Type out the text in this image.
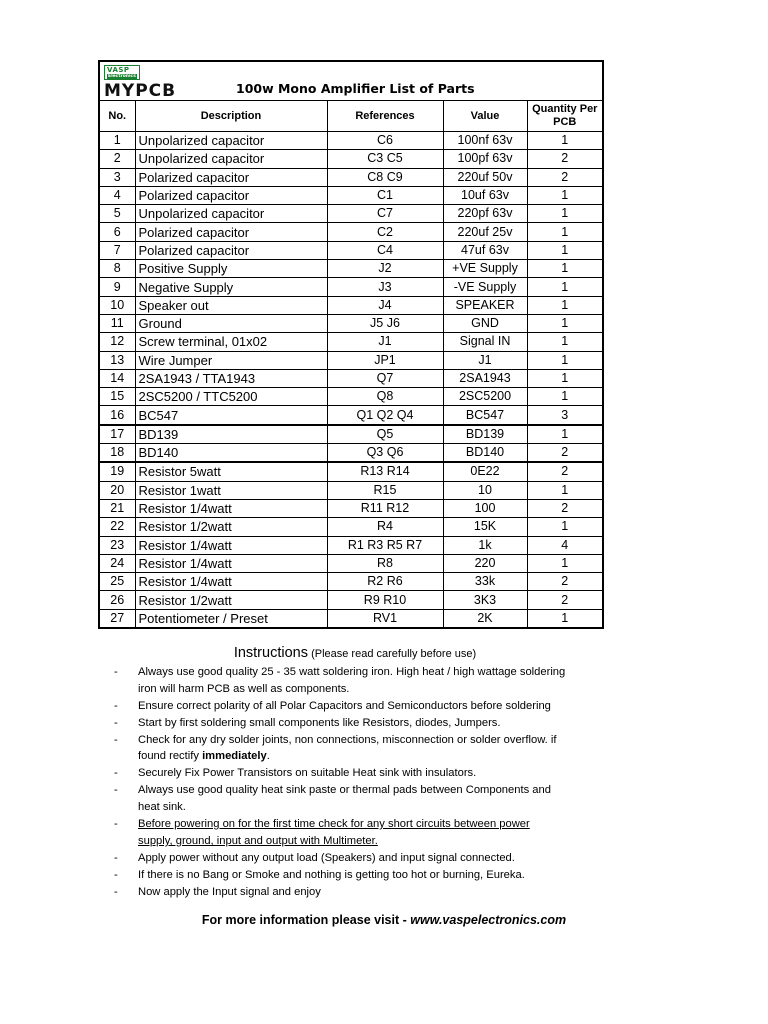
VASP
Electronics
MYPCB 100w Mono Amplifier List of Parts				

No.	Description	References	Value	Quantity Per PCB
1	Unpolarized capacitor	C6	100nf 63v	1
2	Unpolarized capacitor	C3 C5	100pf 63v	2
3	Polarized capacitor	C8 C9	220uf 50v	2
4	Polarized capacitor	C1	10uf 63v	1
5	Unpolarized capacitor	C7	220pf 63v	1
6	Polarized capacitor	C2	220uf 25v	1
7	Polarized capacitor	C4	47uf 63v	1
8	Positive Supply	J2	+VE Supply	1
9	Negative Supply	J3	-VE Supply	1
10	Speaker out	J4	SPEAKER	1
11	Ground	J5 J6	GND	1
12	Screw terminal, 01x02	J1	Signal IN	1
13	Wire Jumper	JP1	J1	1
14	2SA1943 / TTA1943	Q7	2SA1943	1
15	2SC5200 / TTC5200	Q8	2SC5200	1
16	BC547	Q1 Q2 Q4	BC547	3
17	BD139	Q5	BD139	1
18	BD140	Q3 Q6	BD140	2
19	Resistor 5watt	R13 R14	0E22	2
20	Resistor 1watt	R15	10	1
21	Resistor 1/4watt	R11 R12	100	2
22	Resistor 1/2watt	R4	15K	1
23	Resistor 1/4watt	R1 R3 R5 R7	1k	4
24	Resistor 1/4watt	R8	220	1
25	Resistor 1/4watt	R2 R6	33k	2
26	Resistor 1/2watt	R9 R10	3K3	2
27	Potentiometer / Preset	RV1	2K	1
Instructions (Please read carefully before use)
- Always use good quality 25 - 35 watt soldering iron. High heat / high wattage soldering
iron will harm PCB as well as components.
- Ensure correct polarity of all Polar Capacitors and Semiconductors before soldering
- Start by first soldering small components like Resistors, diodes, Jumpers.
- Check for any dry solder joints, non connections, misconnection or solder overflow. if
found rectify immediately.
- Securely Fix Power Transistors on suitable Heat sink with insulators.
- Always use good quality heat sink paste or thermal pads between Components and
heat sink.
- Before powering on for the first time check for any short circuits between power
supply, ground, input and output with Multimeter.
- Apply power without any output load (Speakers) and input signal connected.
- If there is no Bang or Smoke and nothing is getting too hot or burning, Eureka.
- Now apply the Input signal and enjoy
For more information please visit - www.vaspelectronics.com
